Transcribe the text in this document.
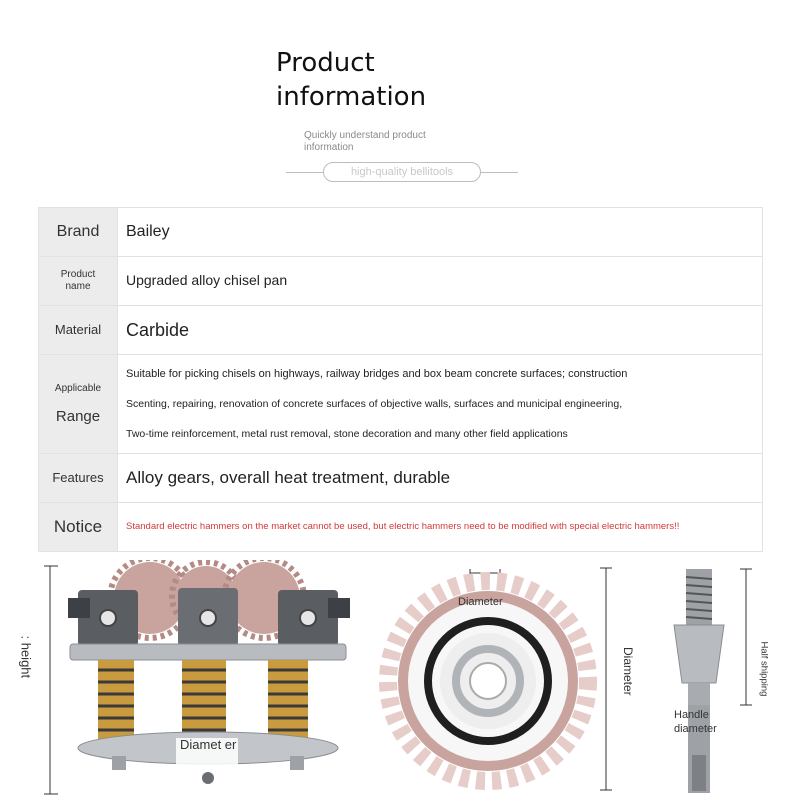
Product
information
Quickly understand product information
high-quality bellitools
Brand	Bailey

Product
name	Upgraded alloy chisel pan
Material	Carbide

Applicable
Range	Suitable for picking chisels on highways, railway bridges and box beam concrete surfaces; construction
Scenting, repairing, renovation of concrete surfaces of objective walls, surfaces and municipal engineering,
Two-time reinforcement, metal rust removal, stone decoration and many other field applications

Features	Alloy gears, overall heat treatment, durable
Notice	Standard electric hammers on the market cannot be used, but electric hammers need to be modified with special electric hammers!!
: height
Diamet er
Diameter
Diameter	Half shipping
Handle diameter
